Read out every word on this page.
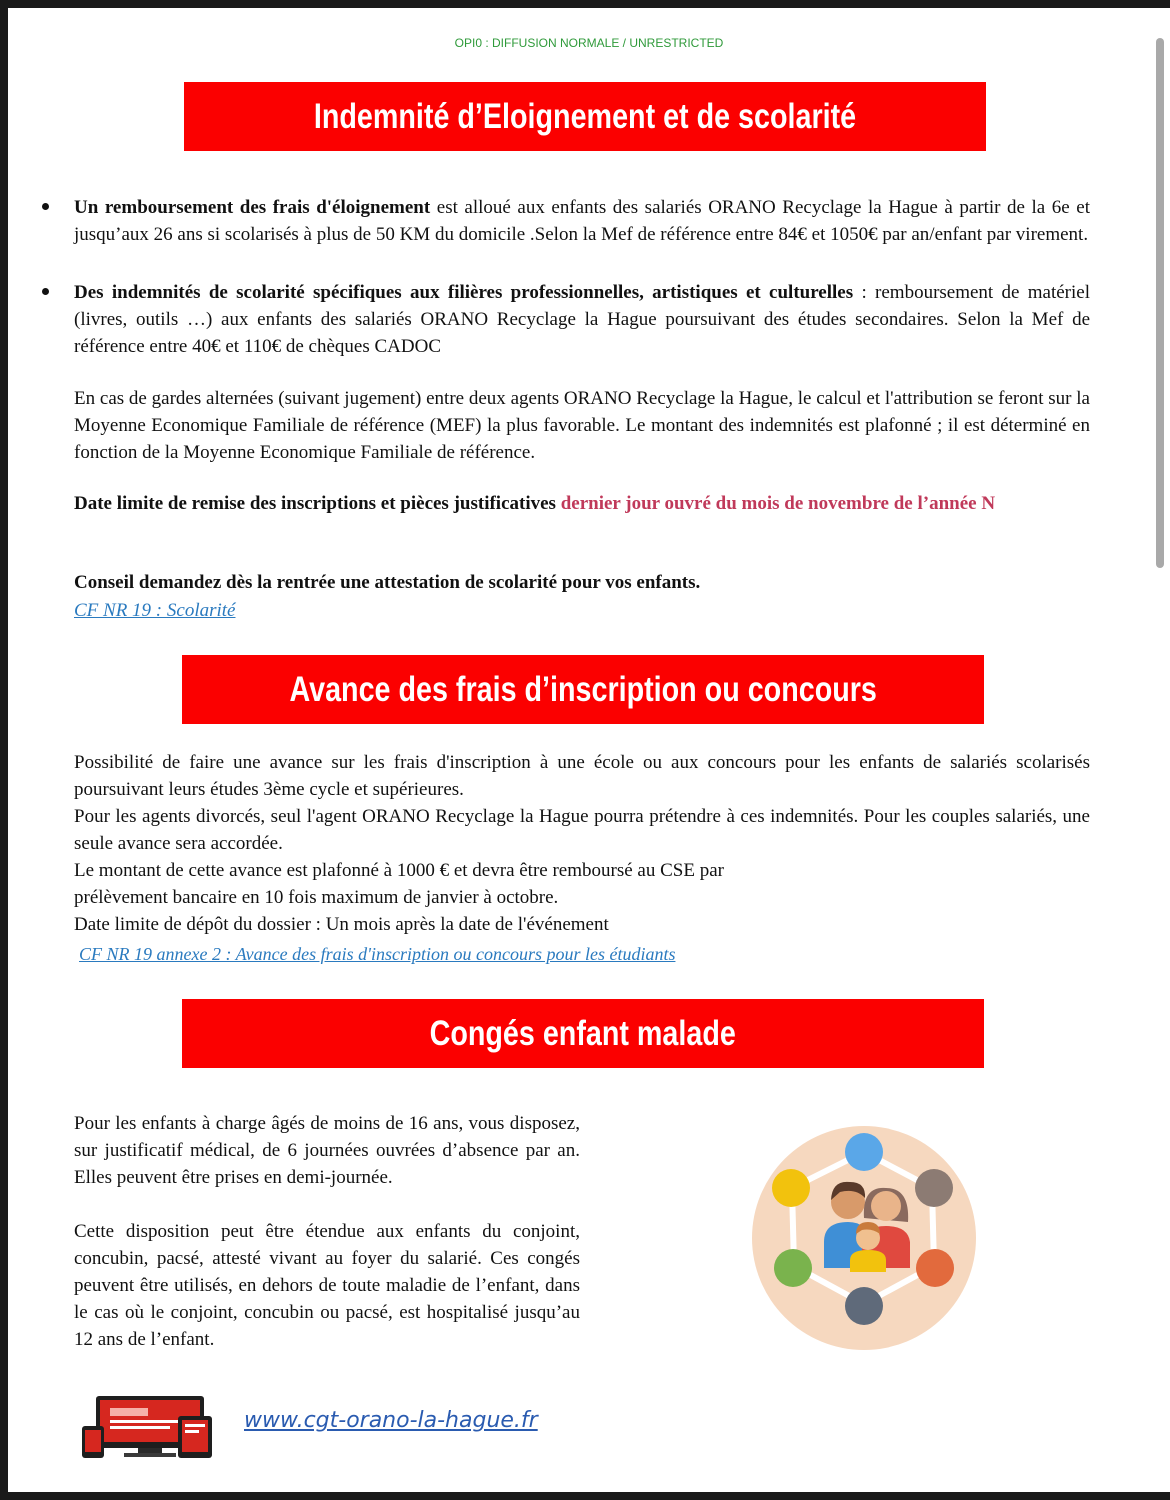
OPI0 : DIFFUSION NORMALE / UNRESTRICTED
Indemnité d’Eloignement et de scolarité spécifique
Un remboursement des frais d'éloignement est alloué aux enfants des salariés ORANO Recyclage la Hague à partir de la 6e et jusqu’aux 26 ans si scolarisés à plus de 50 KM du domicile .Selon la Mef de référence entre 84€ et 1050€ par an/enfant par virement.
Des indemnités de scolarité spécifiques aux filières professionnelles, artistiques et culturelles : remboursement de matériel (livres, outils …) aux enfants des salariés ORANO Recyclage la Hague poursuivant des études secondaires. Selon la Mef de référence entre 40€ et 110€ de chèques CADOC
En cas de gardes alternées (suivant jugement) entre deux agents ORANO Recyclage la Hague, le calcul et l'attribution se feront sur la Moyenne Economique Familiale de référence (MEF) la plus favorable. Le montant des indemnités est plafonné ; il est déterminé en fonction de la Moyenne Economique Familiale de référence.
Date limite de remise des inscriptions et pièces justificatives dernier jour ouvré du mois de novembre de l’année N
Conseil demandez dès la rentrée une attestation de scolarité pour vos enfants.
CF NR 19 : Scolarité
Avance des frais d’inscription ou concours
Possibilité de faire une avance sur les frais d'inscription à une école ou aux concours pour les enfants de salariés scolarisés poursuivant leurs études 3ème cycle et supérieures.
Pour les agents divorcés, seul l'agent ORANO Recyclage la Hague pourra prétendre à ces indemnités. Pour les couples salariés, une seule avance sera accordée.
Le montant de cette avance est plafonné à 1000 € et devra être remboursé au CSE par
prélèvement bancaire en 10 fois maximum de janvier à octobre.
Date limite de dépôt du dossier : Un mois après la date de l'événement
CF NR 19 annexe 2 : Avance des frais d'inscription ou concours pour les étudiants
Congés enfant malade
Pour les enfants à charge âgés de moins de 16 ans, vous disposez, sur justificatif médical, de 6 journées ouvrées d’absence par an. Elles peuvent être prises en demi-journée.
Cette disposition peut être étendue aux enfants du conjoint, concubin, pacsé, attesté vivant au foyer du salarié. Ces congés peuvent être utilisés, en dehors de toute maladie de l’enfant, dans le cas où le conjoint, concubin ou pacsé, est hospitalisé jusqu’au 12 ans de l’enfant.
www.cgt-orano-la-hague.fr
